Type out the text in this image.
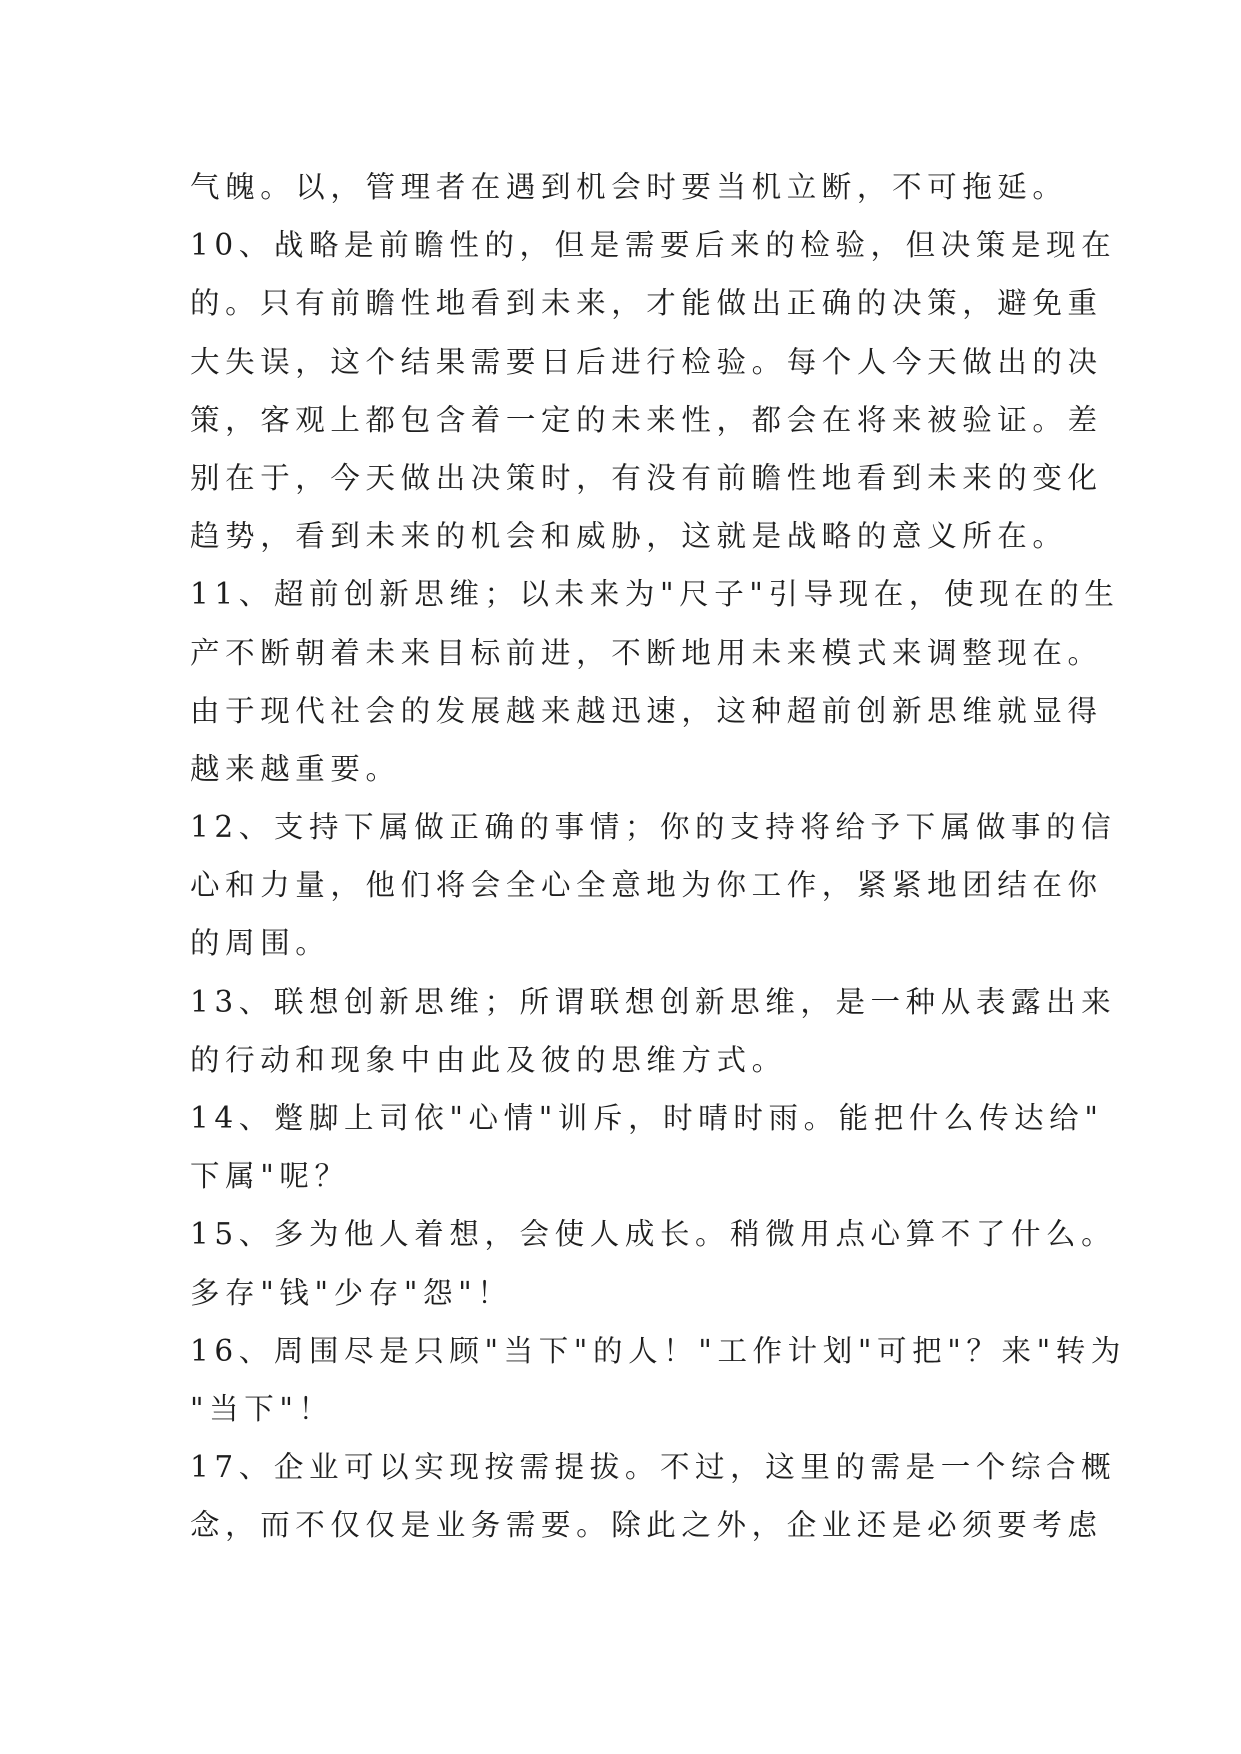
气魄。以，管理者在遇到机会时要当机立断，不可拖延。
10、战略是前瞻性的，但是需要后来的检验，但决策是现在
的。只有前瞻性地看到未来，才能做出正确的决策，避免重
大失误，这个结果需要日后进行检验。每个人今天做出的决
策，客观上都包含着一定的未来性，都会在将来被验证。差
别在于，今天做出决策时，有没有前瞻性地看到未来的变化
趋势，看到未来的机会和威胁，这就是战略的意义所在。
11、超前创新思维；以未来为"尺子"引导现在，使现在的生
产不断朝着未来目标前进，不断地用未来模式来调整现在。
由于现代社会的发展越来越迅速，这种超前创新思维就显得
越来越重要。
12、支持下属做正确的事情；你的支持将给予下属做事的信
心和力量，他们将会全心全意地为你工作，紧紧地团结在你
的周围。
13、联想创新思维；所谓联想创新思维，是一种从表露出来
的行动和现象中由此及彼的思维方式。
14、蹩脚上司依"心情"训斥，时晴时雨。能把什么传达给"
下属"呢？
15、多为他人着想，会使人成长。稍微用点心算不了什么。
多存"钱"少存"怨"！
16、周围尽是只顾"当下"的人！"工作计划"可把"？来"转为
"当下"！
17、企业可以实现按需提拔。不过，这里的需是一个综合概
念，而不仅仅是业务需要。除此之外，企业还是必须要考虑
